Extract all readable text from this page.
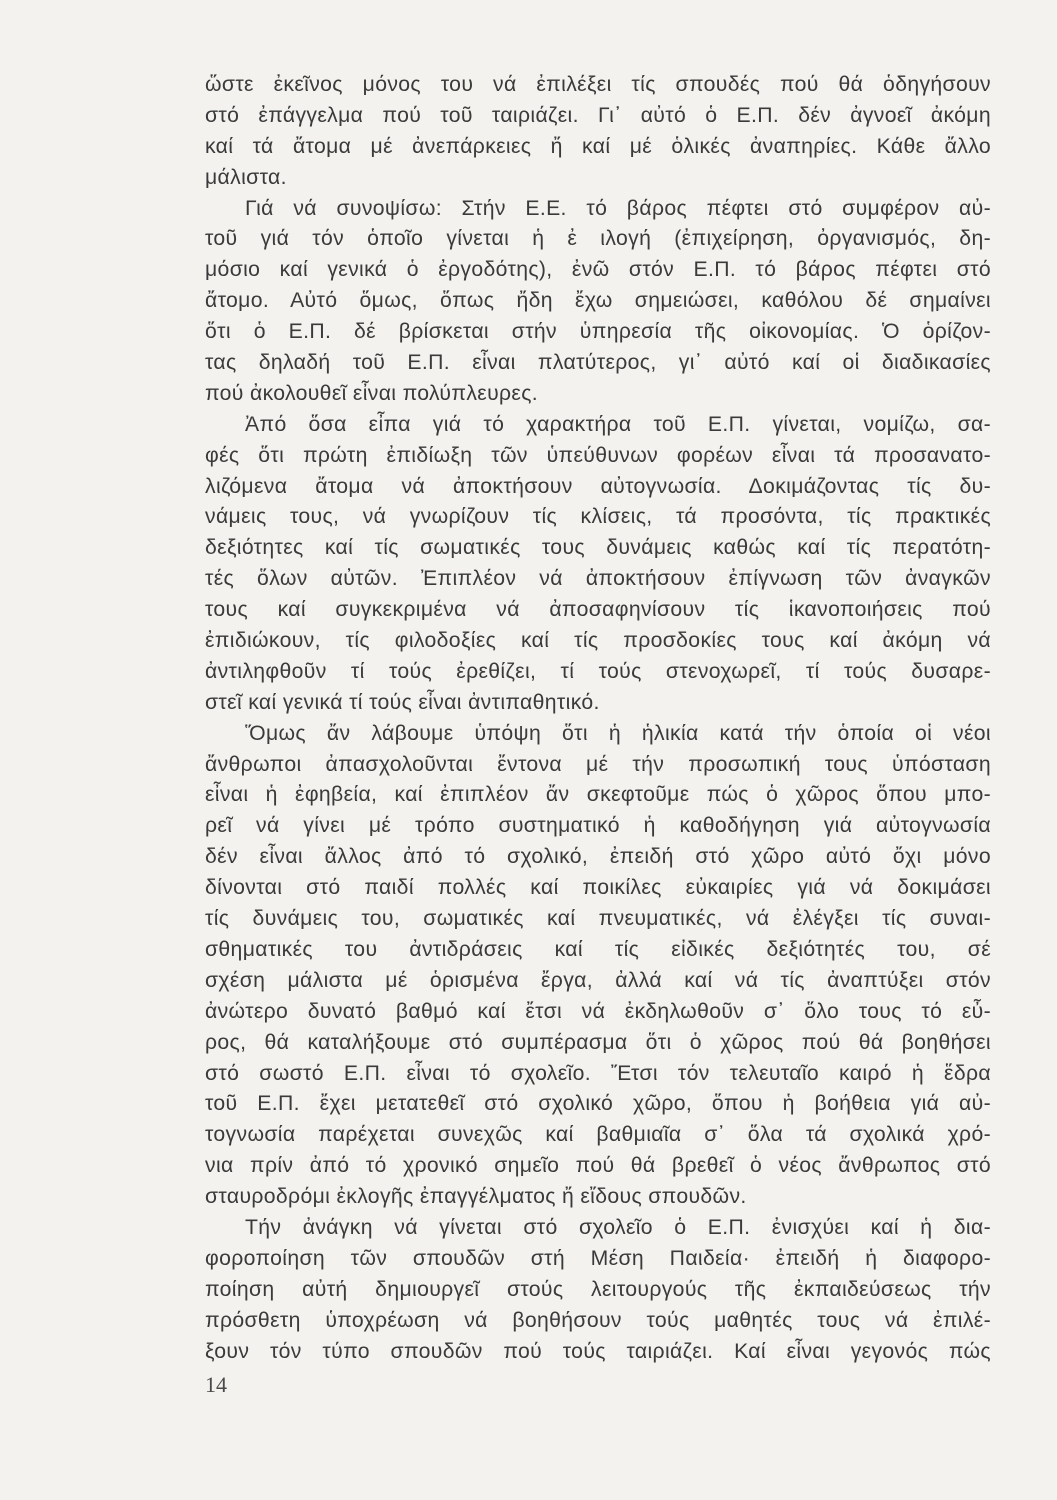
ὥστε ἐκεῖνος μόνος του νά ἐπιλέξει τίς σπουδές πού θά ὁδηγήσουν
στό ἐπάγγελμα πού τοῦ ταιριάζει. Γι᾽ αὐτό ὁ Ε.Π. δέν ἀγνοεῖ ἀκόμη
καί τά ἄτομα μέ ἀνεπάρκειες ἤ καί μέ ὁλικές ἀναπηρίες. Κάθε ἄλλο
μάλιστα.
Γιά νά συνοψίσω: Στήν Ε.Ε. τό βάρος πέφτει στό συμφέρον αὐ-
τοῦ γιά τόν ὁποῖο γίνεται ἡ ἐ ιλογή (ἐπιχείρηση, ὀργανισμός, δη-
μόσιο καί γενικά ὁ ἐργοδότης), ἐνῶ στόν Ε.Π. τό βάρος πέφτει στό
ἄτομο. Αὐτό ὅμως, ὅπως ἤδη ἔχω σημειώσει, καθόλου δέ σημαίνει
ὅτι ὁ Ε.Π. δέ βρίσκεται στήν ὑπηρεσία τῆς οἰκονομίας. Ὁ ὁρίζον-
τας δηλαδή τοῦ Ε.Π. εἶναι πλατύτερος, γι᾽ αὐτό καί οἱ διαδικασίες
πού ἀκολουθεῖ εἶναι πολύπλευρες.
Ἀπό ὅσα εἶπα γιά τό χαρακτήρα τοῦ Ε.Π. γίνεται, νομίζω, σα-
φές ὅτι πρώτη ἐπιδίωξη τῶν ὑπεύθυνων φορέων εἶναι τά προσανατο-
λιζόμενα ἄτομα νά ἀποκτήσουν αὐτογνωσία. Δοκιμάζοντας τίς δυ-
νάμεις τους, νά γνωρίζουν τίς κλίσεις, τά προσόντα, τίς πρακτικές
δεξιότητες καί τίς σωματικές τους δυνάμεις καθώς καί τίς περατότη-
τές ὅλων αὐτῶν. Ἐπιπλέον νά ἀποκτήσουν ἐπίγνωση τῶν ἀναγκῶν
τους καί συγκεκριμένα νά ἀποσαφηνίσουν τίς ἱκανοποιήσεις πού
ἐπιδιώκουν, τίς φιλοδοξίες καί τίς προσδοκίες τους καί ἀκόμη νά
ἀντιληφθοῦν τί τούς ἐρεθίζει, τί τούς στενοχωρεῖ, τί τούς δυσαρε-
στεῖ καί γενικά τί τούς εἶναι ἀντιπαθητικό.
Ὅμως ἄν λάβουμε ὑπόψη ὅτι ἡ ἡλικία κατά τήν ὁποία οἱ νέοι
ἄνθρωποι ἀπασχολοῦνται ἔντονα μέ τήν προσωπική τους ὑπόσταση
εἶναι ἡ ἐφηβεία, καί ἐπιπλέον ἄν σκεφτοῦμε πώς ὁ χῶρος ὅπου μπο-
ρεῖ νά γίνει μέ τρόπο συστηματικό ἡ καθοδήγηση γιά αὐτογνωσία
δέν εἶναι ἄλλος ἀπό τό σχολικό, ἐπειδή στό χῶρο αὐτό ὄχι μόνο
δίνονται στό παιδί πολλές καί ποικίλες εὐκαιρίες γιά νά δοκιμάσει
τίς δυνάμεις του, σωματικές καί πνευματικές, νά ἐλέγξει τίς συναι-
σθηματικές του ἀντιδράσεις καί τίς εἰδικές δεξιότητές του, σέ
σχέση μάλιστα μέ ὁρισμένα ἔργα, ἀλλά καί νά τίς ἀναπτύξει στόν
ἀνώτερο δυνατό βαθμό καί ἔτσι νά ἐκδηλωθοῦν σ᾽ ὅλο τους τό εὖ-
ρος, θά καταλήξουμε στό συμπέρασμα ὅτι ὁ χῶρος πού θά βοηθήσει
στό σωστό Ε.Π. εἶναι τό σχολεῖο. Ἔτσι τόν τελευταῖο καιρό ἡ ἕδρα
τοῦ Ε.Π. ἔχει μετατεθεῖ στό σχολικό χῶρο, ὅπου ἡ βοήθεια γιά αὐ-
τογνωσία παρέχεται συνεχῶς καί βαθμιαῖα σ᾽ ὅλα τά σχολικά χρό-
νια πρίν ἀπό τό χρονικό σημεῖο πού θά βρεθεῖ ὁ νέος ἄνθρωπος στό
σταυροδρόμι ἐκλογῆς ἐπαγγέλματος ἤ εἴδους σπουδῶν.
Τήν ἀνάγκη νά γίνεται στό σχολεῖο ὁ Ε.Π. ἐνισχύει καί ἡ δια-
φοροποίηση τῶν σπουδῶν στή Μέση Παιδεία· ἐπειδή ἡ διαφορο-
ποίηση αὐτή δημιουργεῖ στούς λειτουργούς τῆς ἐκπαιδεύσεως τήν
πρόσθετη ὑποχρέωση νά βοηθήσουν τούς μαθητές τους νά ἐπιλέ-
ξουν τόν τύπο σπουδῶν πού τούς ταιριάζει. Καί εἶναι γεγονός πώς
14
